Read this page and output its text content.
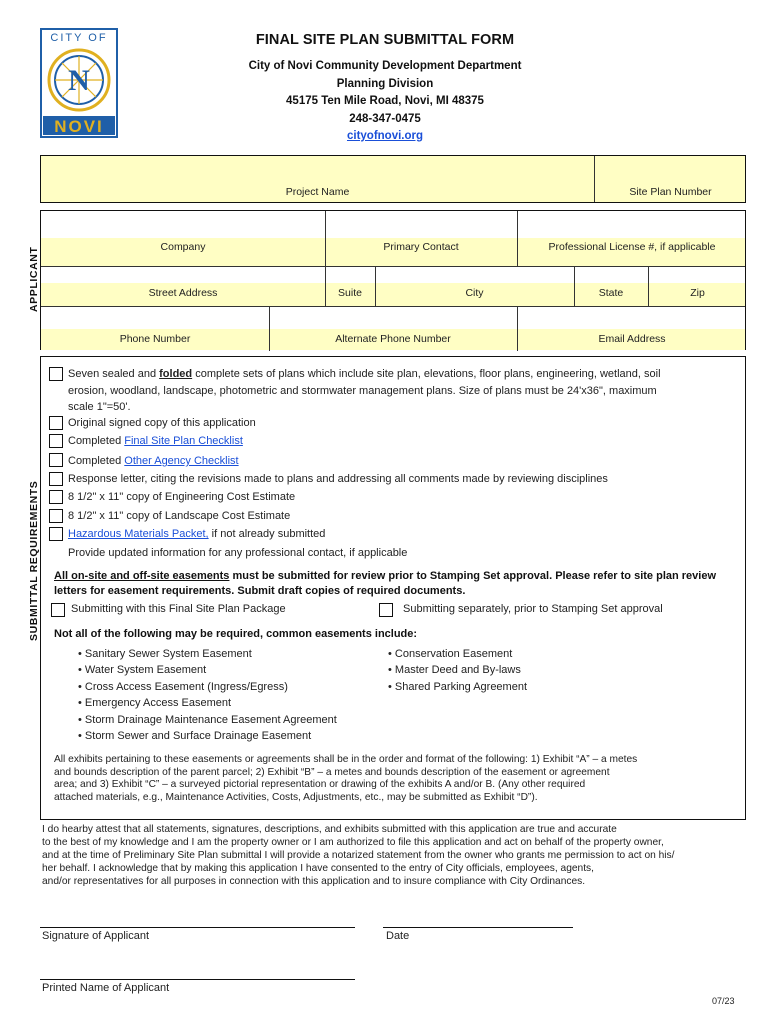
CITY OF
N
NOVI
FINAL SITE PLAN SUBMITTAL FORM
City of Novi Community Development Department
Planning Division
45175 Ten Mile Road, Novi, MI 48375
248-347-0475
cityofnovi.org
Project Name	Site Plan Number
APPLICANT	Company	Primary Contact	Professional License #, if applicable
Street Address	Suite	City	State	Zip
Phone Number	Alternate Phone Number	Email Address
SUBMITTAL REQUIREMENTS
Seven sealed and folded complete sets of plans which include site plan, elevations, floor plans, engineering, wetland, soil
erosion, woodland, landscape, photometric and stormwater management plans. Size of plans must be 24'x36", maximum
scale 1"=50'.
Original signed copy of this application
Completed Final Site Plan Checklist
Completed Other Agency Checklist
Response letter, citing the revisions made to plans and addressing all comments made by reviewing disciplines
8 1/2" x 11" copy of Engineering Cost Estimate
8 1/2" x 11" copy of Landscape Cost Estimate
Hazardous Materials Packet, if not already submitted
Provide updated information for any professional contact, if applicable
All on-site and off-site easements must be submitted for review prior to Stamping Set approval. Please refer to site plan review
letters for easement requirements. Submit draft copies of required documents.
Submitting with this Final Site Plan Package	Submitting separately, prior to Stamping Set approval
Not all of the following may be required, common easements include:
• Sanitary Sewer System Easement
• Water System Easement
• Cross Access Easement (Ingress/Egress)
• Emergency Access Easement
• Storm Drainage Maintenance Easement Agreement
• Storm Sewer and Surface Drainage Easement
• Conservation Easement
• Master Deed and By-laws
• Shared Parking Agreement
All exhibits pertaining to these easements or agreements shall be in the order and format of the following: 1) Exhibit “A” – a metes
and bounds description of the parent parcel; 2) Exhibit “B” – a metes and bounds description of the easement or agreement
area; and 3) Exhibit “C” – a surveyed pictorial representation or drawing of the exhibits A and/or B. (Any other required
attached materials, e.g., Maintenance Activities, Costs, Adjustments, etc., may be submitted as Exhibit “D”).
I do hearby attest that all statements, signatures, descriptions, and exhibits submitted with this application are true and accurate
to the best of my knowledge and I am the property owner or I am authorized to file this application and act on behalf of the property owner,
and at the time of Preliminary Site Plan submittal I will provide a notarized statement from the owner who grants me permission to act on his/
her behalf. I acknowledge that by making this application I have consented to the entry of City officials, employees, agents,
and/or representatives for all purposes in connection with this application and to insure compliance with City Ordinances.
Signature of Applicant	Date
Printed Name of Applicant
07/23
